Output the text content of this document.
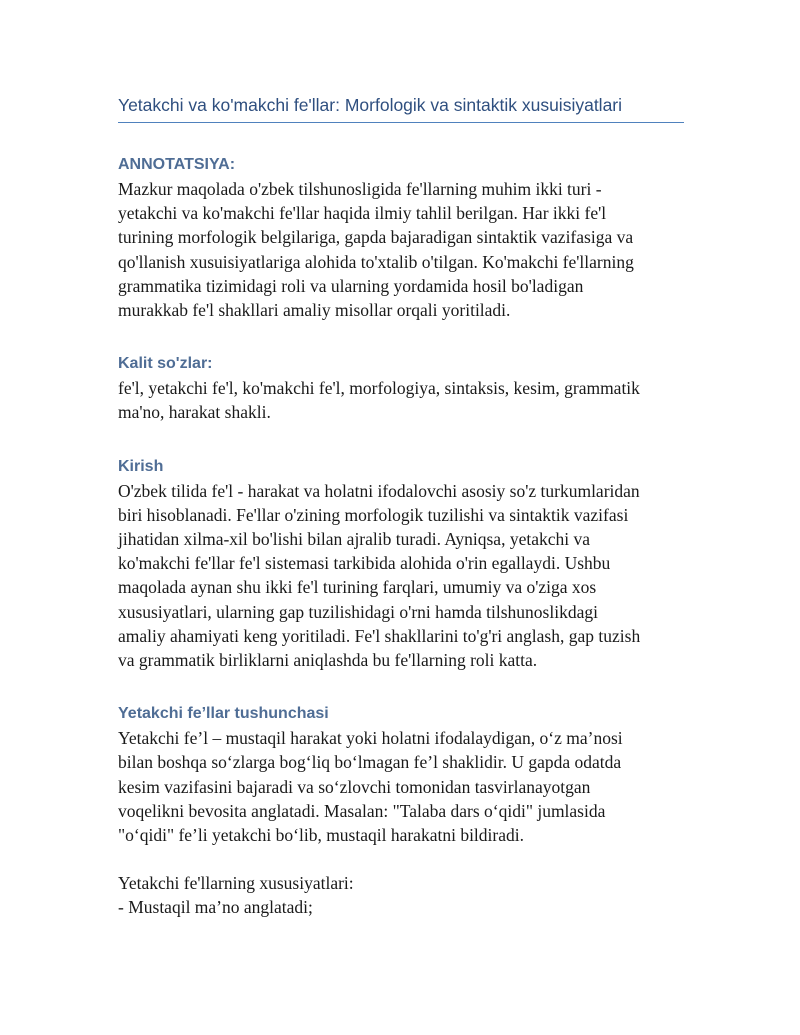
Yetakchi va ko'makchi fe'llar: Morfologik va sintaktik xusuisiyatlari
ANNOTATSIYA:

Mazkur maqolada o'zbek tilshunosligida fe'llarning muhim ikki turi -
yetakchi va ko'makchi fe'llar haqida ilmiy tahlil berilgan. Har ikki fe'l
turining morfologik belgilariga, gapda bajaradigan sintaktik vazifasiga va
qo'llanish xusuisiyatlariga alohida to'xtalib o'tilgan. Ko'makchi fe'llarning
grammatika tizimidagi roli va ularning yordamida hosil bo'ladigan
murakkab fe'l shakllari amaliy misollar orqali yoritiladi.

Kalit so'zlar:

fe'l, yetakchi fe'l, ko'makchi fe'l, morfologiya, sintaksis, kesim, grammatik
ma'no, harakat shakli.

Kirish

O'zbek tilida fe'l - harakat va holatni ifodalovchi asosiy so'z turkumlaridan
biri hisoblanadi. Fe'llar o'zining morfologik tuzilishi va sintaktik vazifasi
jihatidan xilma-xil bo'lishi bilan ajralib turadi. Ayniqsa, yetakchi va
ko'makchi fe'llar fe'l sistemasi tarkibida alohida o'rin egallaydi. Ushbu
maqolada aynan shu ikki fe'l turining farqlari, umumiy va o'ziga xos
xususiyatlari, ularning gap tuzilishidagi o'rni hamda tilshunoslikdagi
amaliy ahamiyati keng yoritiladi. Fe'l shakllarini to'g'ri anglash, gap tuzish
va grammatik birliklarni aniqlashda bu fe'llarning roli katta.

Yetakchi fe’llar tushunchasi

Yetakchi fe’l – mustaqil harakat yoki holatni ifodalaydigan, o‘z ma’nosi
bilan boshqa so‘zlarga bog‘liq bo‘lmagan fe’l shaklidir. U gapda odatda
kesim vazifasini bajaradi va so‘zlovchi tomonidan tasvirlanayotgan
voqelikni bevosita anglatadi. Masalan: "Talaba dars o‘qidi" jumlasida
"o‘qidi" fe’li yetakchi bo‘lib, mustaqil harakatni bildiradi.

Yetakchi fe'llarning xususiyatlari:
- Mustaqil ma’no anglatadi;
